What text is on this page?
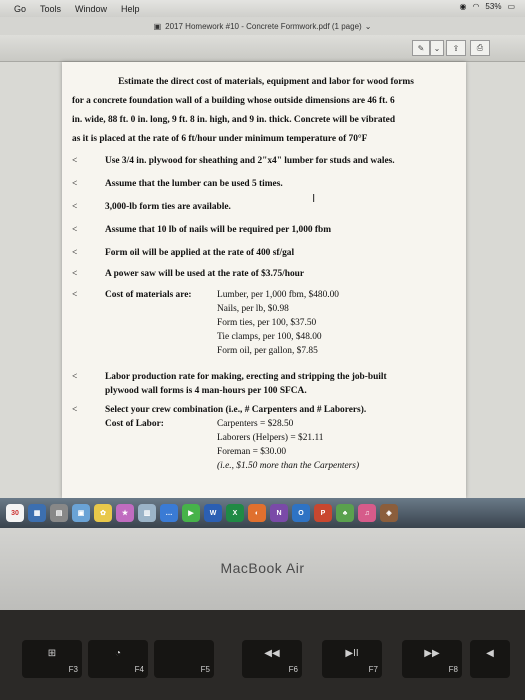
Go Tools Window Help	◉ ◠ 53% ▭
▣ 2017 Homework #10 - Concrete Formwork.pdf (1 page) ⌄
✎	⌄	⇪	⎙
Estimate the direct cost of materials, equipment and labor for wood forms
for a concrete foundation wall of a building whose outside dimensions are 46 ft. 6
in. wide, 88 ft. 0 in. long, 9 ft. 8 in. high, and 9 in. thick. Concrete will be vibrated
as it is placed at the rate of 6 ft/hour under minimum temperature of 70°F
<	Use 3/4 in. plywood for sheathing and 2"x4" lumber for studs and wales.
<	Assume that the lumber can be used 5 times.
<	3,000-lb form ties are available.
<	Assume that 10 lb of nails will be required per 1,000 fbm
<	Form oil will be applied at the rate of 400 sf/gal
<	A power saw will be used at the rate of $3.75/hour
<	Cost of materials are:	Lumber, per 1,000 fbm, $480.00
Nails, per lb, $0.98
Form ties, per 100, $37.50
Tie clamps, per 100, $48.00
Form oil, per gallon, $7.85
<	Labor production rate for making, erecting and stripping the job-built
plywood wall forms is 4 man-hours per 100 SFCA.
<	Select your crew combination (i.e., # Carpenters and # Laborers).
Cost of Labor:	Carpenters = $28.50
Laborers (Helpers) = $21.11
Foreman = $30.00
(i.e., $1.50 more than the Carpenters)
I
30	▦	▤	▣	✿	★	▥	…	▶	W	X	◐	N	O	P	♣	♫	◈
MacBook Air
⊞
F3
◔
F4	F5
◀◀
F6
▶II
F7
▶▶
F8
◀
